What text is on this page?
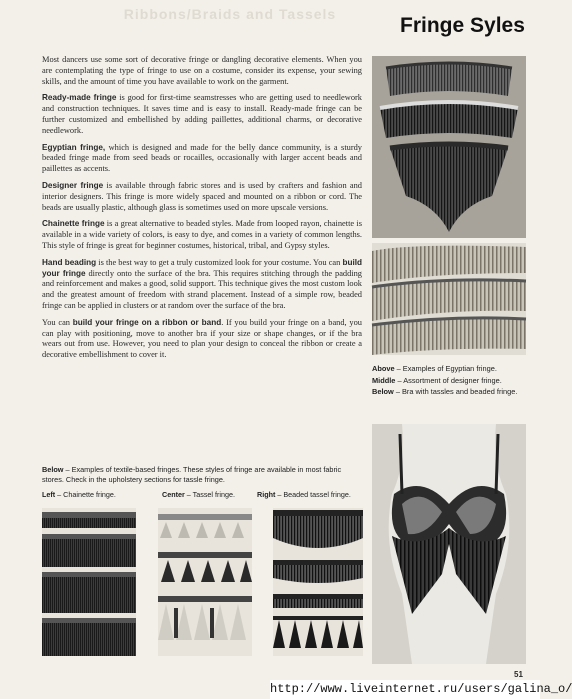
Ribbons/Braids and Tassels	Fringe Syles

Most dancers use some sort of decorative fringe or dangling decorative elements. When you are contemplating the type of fringe to use on a costume, consider its expense, your sewing skills, and the amount of time you have available to work on the garment.

Ready-made fringe is good for first-time seamstresses who are getting used to needlework and construction techniques. It saves time and is easy to install. Ready-made fringe can be further customized and embellished by adding paillettes, additional charms, or decorative needlework.

Egyptian fringe, which is designed and made for the belly dance community, is a sturdy beaded fringe made from seed beads or rocailles, occasionally with larger accent beads and paillettes as accents.

Designer fringe is available through fabric stores and is used by crafters and fashion and interior designers. This fringe is more widely spaced and mounted on a ribbon or cord. The beads are usually plastic, although glass is sometimes used on more upscale versions.

Chainette fringe is a great alternative to beaded styles. Made from looped rayon, chainette is available in a wide variety of colors, is easy to dye, and comes in a variety of common lengths. This style of fringe is great for beginner costumes, historical, tribal, and Gypsy styles.

Hand beading is the best way to get a truly customized look for your costume. You can build your fringe directly onto the surface of the bra. This requires stitching through the padding and reinforcement and makes a good, solid support. This technique gives the most custom look and the greatest amount of freedom with strand placement. Instead of a simple row, beaded fringe can be applied in clusters or at random over the surface of the bra.

You can build your fringe on a ribbon or band. If you build your fringe on a band, you can play with positioning, move to another bra if your size or shape changes, or if the bra wears out from use. However, you need to plan your design to conceal the ribbon or create a decorative embellishment to cover it.

Above – Examples of Egyptian fringe.
Middle – Assortment of designer fringe.
Below – Bra with tassles and beaded fringe.
Below – Examples of textile-based fringes. These styles of fringe are available in most fabric stores. Check in the upholstery sections for tassle fringe.
Left – Chainette fringe.	Center – Tassel fringe.	Right – Beaded tassel fringe.
51
http://www.liveinternet.ru/users/galina_o/
